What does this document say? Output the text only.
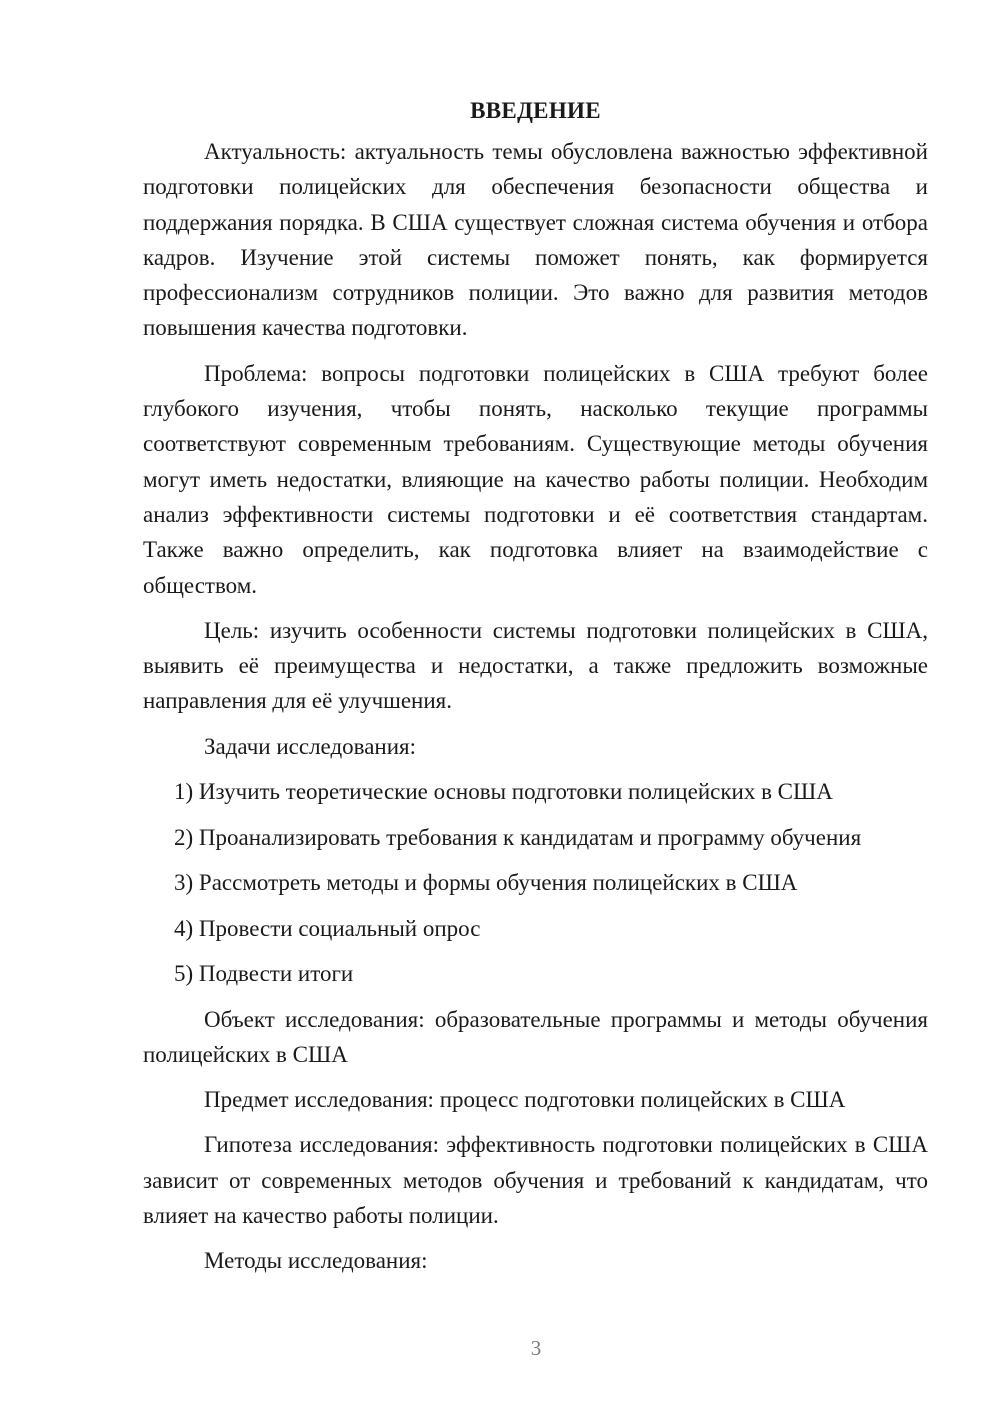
ВВЕДЕНИЕ

Актуальность: актуальность темы обусловлена важностью эффективной подготовки полицейских для обеспечения безопасности общества и поддержания порядка. В США существует сложная система обучения и отбора кадров. Изучение этой системы поможет понять, как формируется профессионализм сотрудников полиции. Это важно для развития методов повышения качества подготовки.

Проблема: вопросы подготовки полицейских в США требуют более глубокого изучения, чтобы понять, насколько текущие программы соответствуют современным требованиям. Существующие методы обучения могут иметь недостатки, влияющие на качество работы полиции. Необходим анализ эффективности системы подготовки и её соответствия стандартам. Также важно определить, как подготовка влияет на взаимодействие с обществом.

Цель: изучить особенности системы подготовки полицейских в США, выявить её преимущества и недостатки, а также предложить возможные направления для её улучшения.

Задачи исследования:

1) Изучить теоретические основы подготовки полицейских в США
2) Проанализировать требования к кандидатам и программу обучения
3) Рассмотреть методы и формы обучения полицейских в США
4) Провести социальный опрос
5) Подвести итоги

Объект исследования: образовательные программы и методы обучения полицейских в США

Предмет исследования: процесс подготовки полицейских в США

Гипотеза исследования: эффективность подготовки полицейских в США зависит от современных методов обучения и требований к кандидатам, что влияет на качество работы полиции.

Методы исследования:

3
